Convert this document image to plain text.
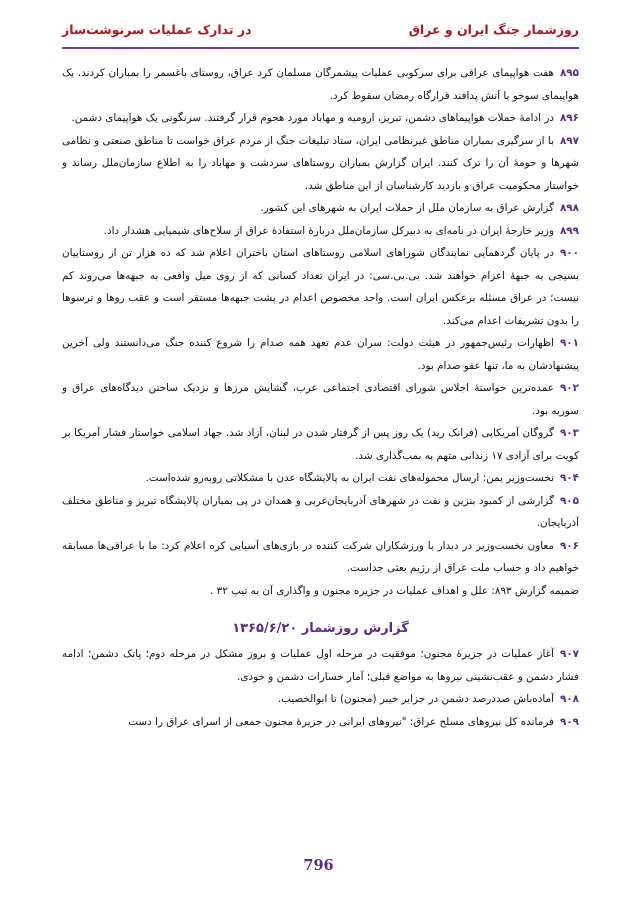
روزشمار جنگ ایران و عراق
در تدارک عملیات سرنوشت‌ساز

۸۹۵هفت هواپیمای عراقی برای سرکوبی عملیات پیشمرگان مسلمان کرد عراق، روستای باغسمر را بمباران کردند. یک هواپیمای سوخو با آتش پدافند قرارگاه رمضان سقوط کرد.

۸۹۶در ادامهٔ حملات هواپیماهای دشمن، تبریز، ارومیه و مهاباد مورد هجوم قرار گرفتند. سرنگونی یک هواپیمای دشمن.

۸۹۷با از سرگیری بمباران مناطق غیرنظامی ایران، ستاد تبلیغات جنگ از مردم عراق خواست تا مناطق صنعتی و نظامی شهرها و حومهٔ آن را ترک کنند. ایران گزارش بمباران روستاهای سردشت و مهاباد را به اطلاع سازمان‌ملل رساند و خواستار محکومیت عراق و بازدید کارشناسان از این مناطق شد.

۸۹۸گزارش عراق به سازمان ملل از حملات ایران به شهرهای این کشور.

۸۹۹وزیر خارجهٔ ایران در نامه‌ای به دبیرکل سازمان‌ملل دربارهٔ استفادهٔ عراق از سلاح‌های شیمیایی هشدار داد.

۹۰۰در پایان گردهمآیی نمایندگان شوراهای اسلامی روستاهای استان باختران اعلام شد که ده هزار تن از روستاییان بسیجی به جبههٔ اعزام خواهند شد. بی.بی.سی: در ایران تعداد کسانی که از روی میل واقعی به جبهه‌ها می‌روند کم نیست؛ در عراق مسئله برعکس ایران است. واحد مخصوص اعدام در پشت جبهه‌ها مستقر است و عقب روها و ترسوها را بدون تشریفات اعدام می‌کند.

۹۰۱اظهارات رئیس‌جمهور در هیئت دولت: سران عدم تعهد همه صدام را شروع کننده جنگ می‌دانستند ولی آخرین پیشنهادشان به ما، تنها عفو صدام بود.

۹۰۲عمده‌ترین خواستهٔ اجلاس شورای اقتصادی اجتماعی عرب، گشایش مرزها و نزدیک ساختن دیدگاه‌های عراق و سوریه بود.

۹۰۳گروگان آمریکایی (فرانک رید) یک روز پس از گرفتار شدن در لبنان، آزاد شد. جهاد اسلامی خواستار فشار آمریکا بر کویت برای آزادی ۱۷ زندانی متهم به بمب‌گذاری شد.

۹۰۴نخست‌وزیر یمن: ارسال محموله‌های نفت ایران به پالایشگاه عدن با مشکلاتی روبه‌رو شده‌است.

۹۰۵گزارشی از کمبود بنزین و نفت در شهرهای آذربایجان‌غربی و همدان در پی بمباران پالایشگاه تبریز و مناطق مختلف آذربایجان.

۹۰۶معاون نخست‌وزیر در دیدار با ورزشکاران شرکت کننده در بازی‌های آسیایی کره اعلام کرد: ما با عراقی‌ها مسابقه خواهیم داد و حساب ملت عراق از رژیم بعثی جداست.

ضمیمه گزارش ۸۹۳: علل و اهداف عملیات در جزیره مجنون و واگذاری آن به تیپ ۳۲ .

گزارش روزشمار ۱۳۶۵/۶/۲۰

۹۰۷آغاز عملیات در جزیرهٔ مجنون؛ موفقیت در مرحله اول عملیات و بروز مشکل در مرحله دوم؛ پاتک دشمن؛ ادامه فشار دشمن و عقب‌نشینی نیروها به مواضع قبلی؛ آمار خسارات دشمن و خودی.

۹۰۸آماده‌باش صددرصد دشمن در جزایر خیبر (مجنون) تا ابوالخصیب.

۹۰۹فرمانده کل نیروهای مسلح عراق: "نیروهای ایرانی در جزیرهٔ مجنون جمعی از اسرای عراق را دست

796
